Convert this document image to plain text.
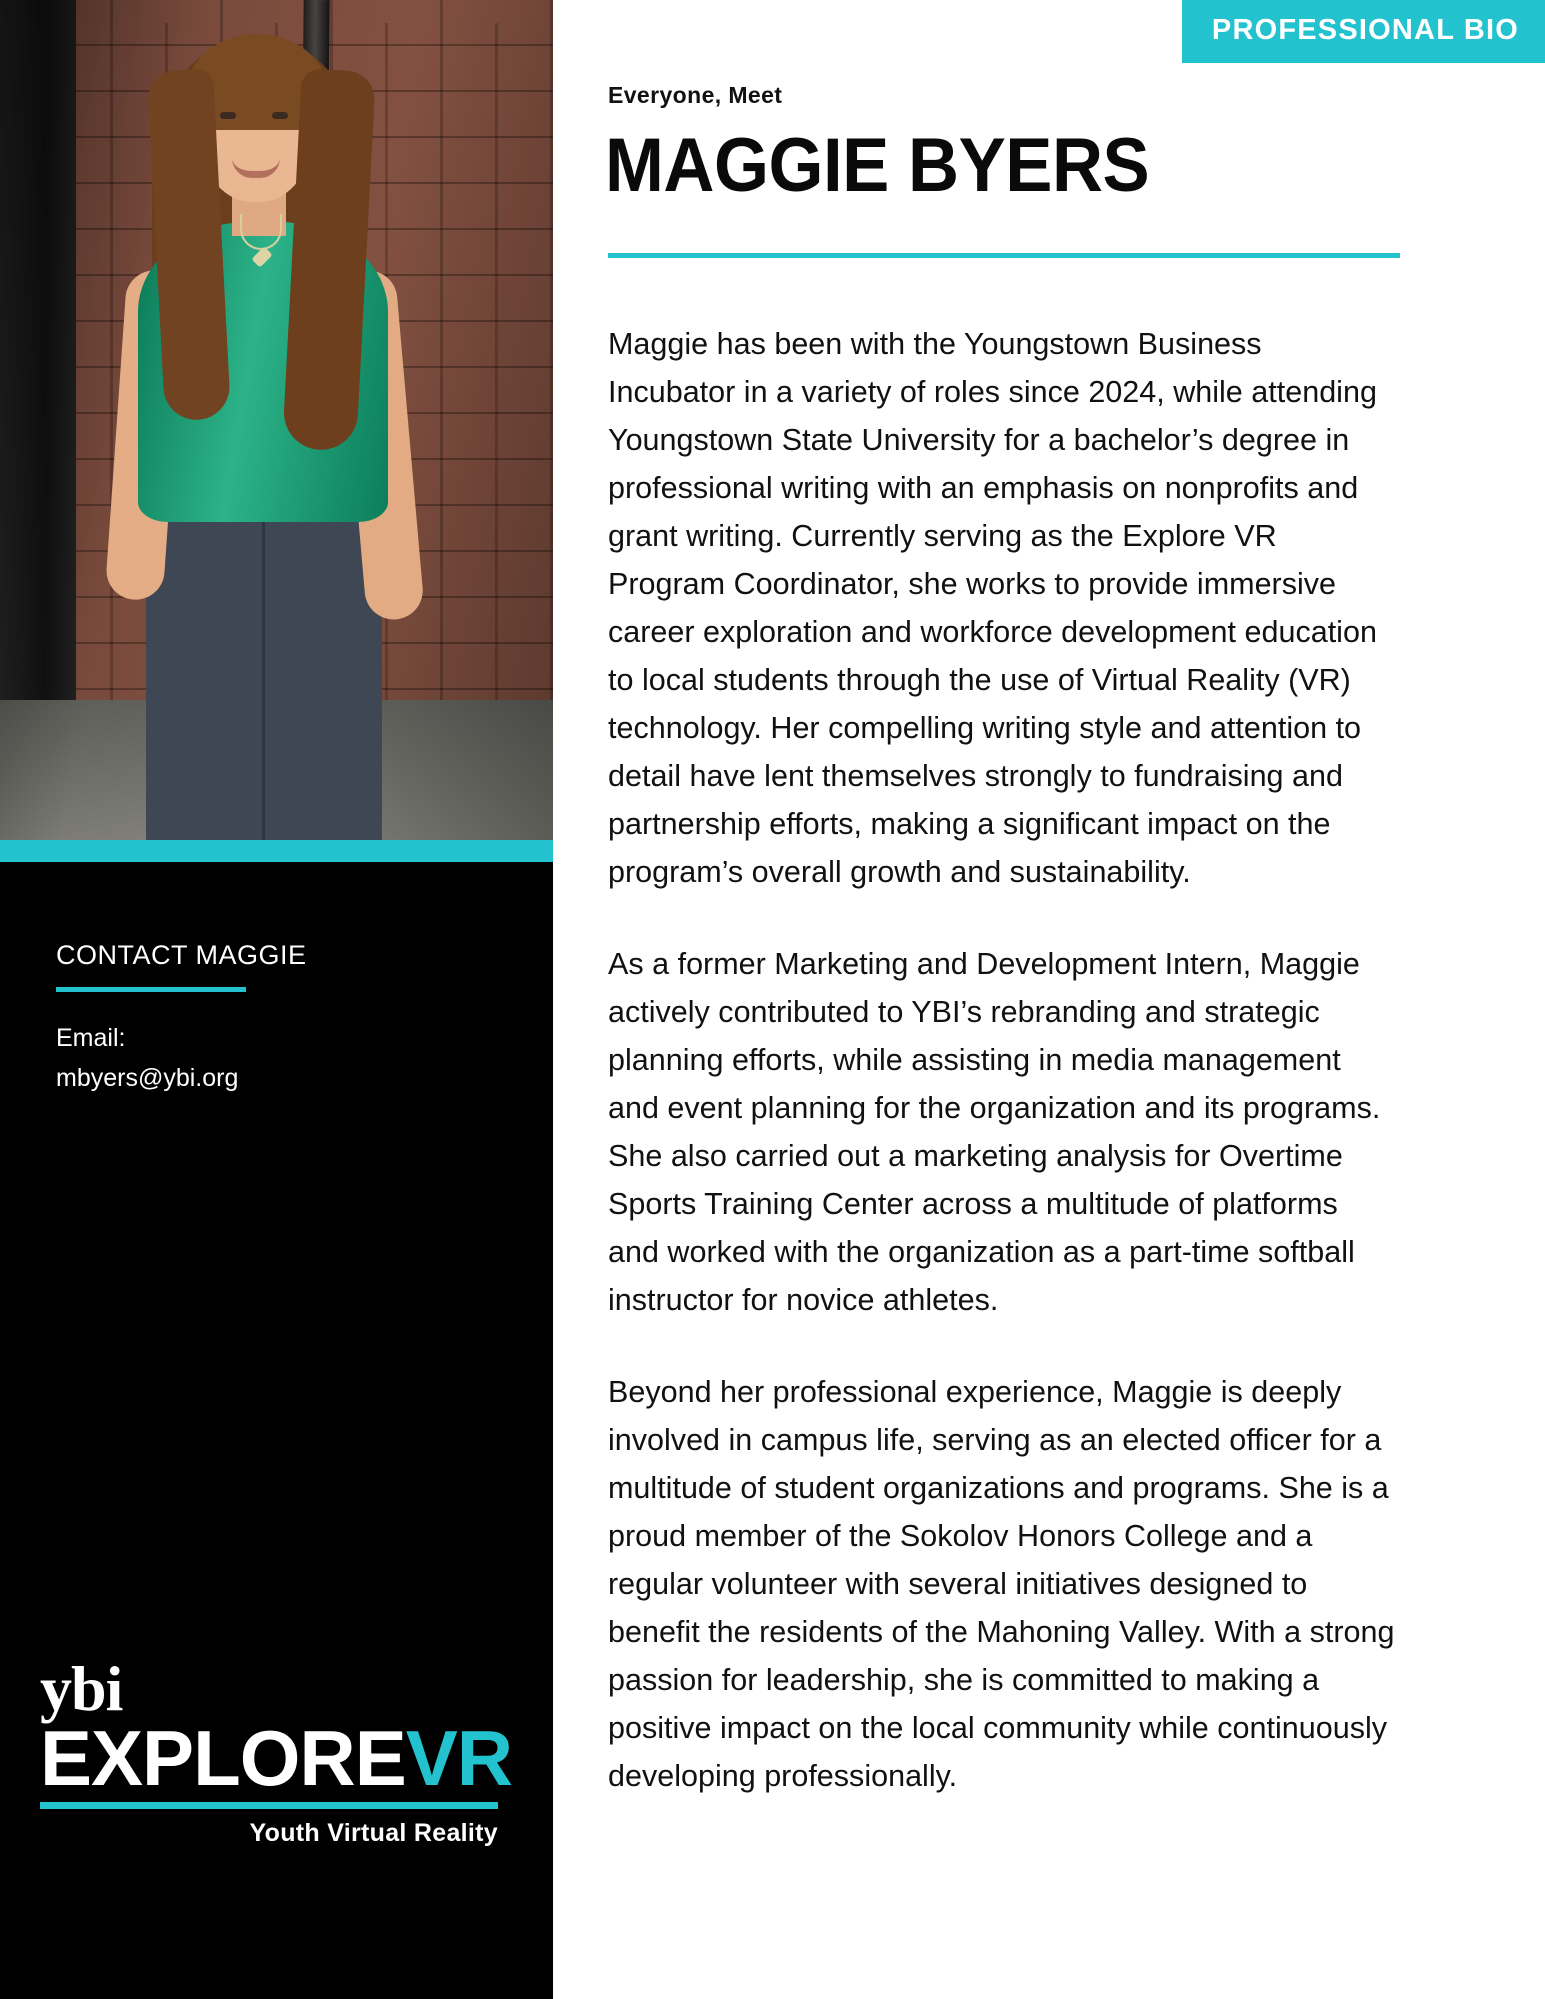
CONTACT MAGGIE
Email:
mbyers@ybi.org
ybi
EXPLOREVR
Youth Virtual Reality
PROFESSIONAL BIO
Everyone, Meet
MAGGIE BYERS

Maggie has been with the Youngstown Business Incubator in a variety of roles since 2024, while attending Youngstown State University for a bachelor’s degree in professional writing with an emphasis on nonprofits and grant writing. Currently serving as the Explore VR Program Coordinator, she works to provide immersive career exploration and workforce development education to local students through the use of Virtual Reality (VR) technology. Her compelling writing style and attention to detail have lent themselves strongly to fundraising and partnership efforts, making a significant impact on the program’s overall growth and sustainability.

As a former Marketing and Development Intern, Maggie actively contributed to YBI’s rebranding and strategic planning efforts, while assisting in media management and event planning for the organization and its programs. She also carried out a marketing analysis for Overtime Sports Training Center across a multitude of platforms and worked with the organization as a part-time softball instructor for novice athletes.

Beyond her professional experience, Maggie is deeply involved in campus life, serving as an elected officer for a multitude of student organizations and programs. She is a proud member of the Sokolov Honors College and a regular volunteer with several initiatives designed to benefit the residents of the Mahoning Valley. With a strong passion for leadership, she is committed to making a positive impact on the local community while continuously developing professionally.
